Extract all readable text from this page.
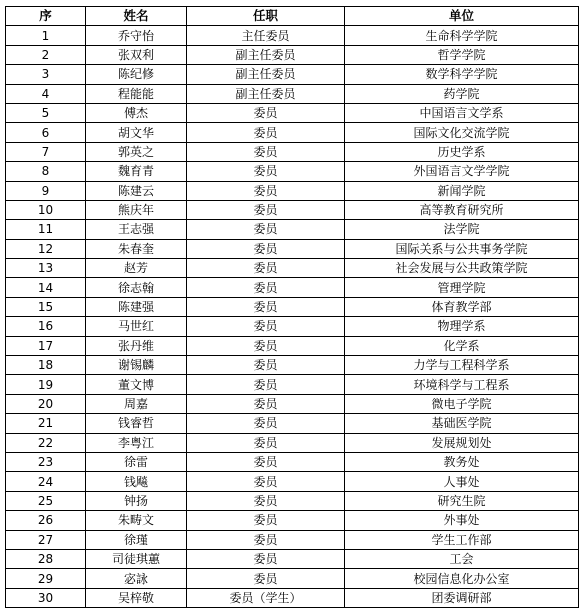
序	姓名	任职	单位
1	乔守怡	主任委员	生命科学学院
2	张双利	副主任委员	哲学学院
3	陈纪修	副主任委员	数学科学学院
4	程能能	副主任委员	药学院
5	傅杰	委员	中国语言文学系
6	胡文华	委员	国际文化交流学院
7	郭英之	委员	历史学系
8	魏育青	委员	外国语言文学学院
9	陈建云	委员	新闻学院
10	熊庆年	委员	高等教育研究所
11	王志强	委员	法学院
12	朱春奎	委员	国际关系与公共事务学院
13	赵芳	委员	社会发展与公共政策学院
14	徐志翰	委员	管理学院
15	陈建强	委员	体育教学部
16	马世红	委员	物理学系
17	张丹维	委员	化学系
18	谢锡麟	委员	力学与工程科学系
19	董文博	委员	环境科学与工程系
20	周嘉	委员	微电子学院
21	钱睿哲	委员	基础医学院
22	李粤江	委员	发展规划处
23	徐雷	委员	教务处
24	钱飚	委员	人事处
25	钟扬	委员	研究生院
26	朱畴文	委员	外事处
27	徐瑾	委员	学生工作部
28	司徒琪蕙	委员	工会
29	宓詠	委员	校园信息化办公室
30	吴梓敬	委员（学生）	团委调研部
